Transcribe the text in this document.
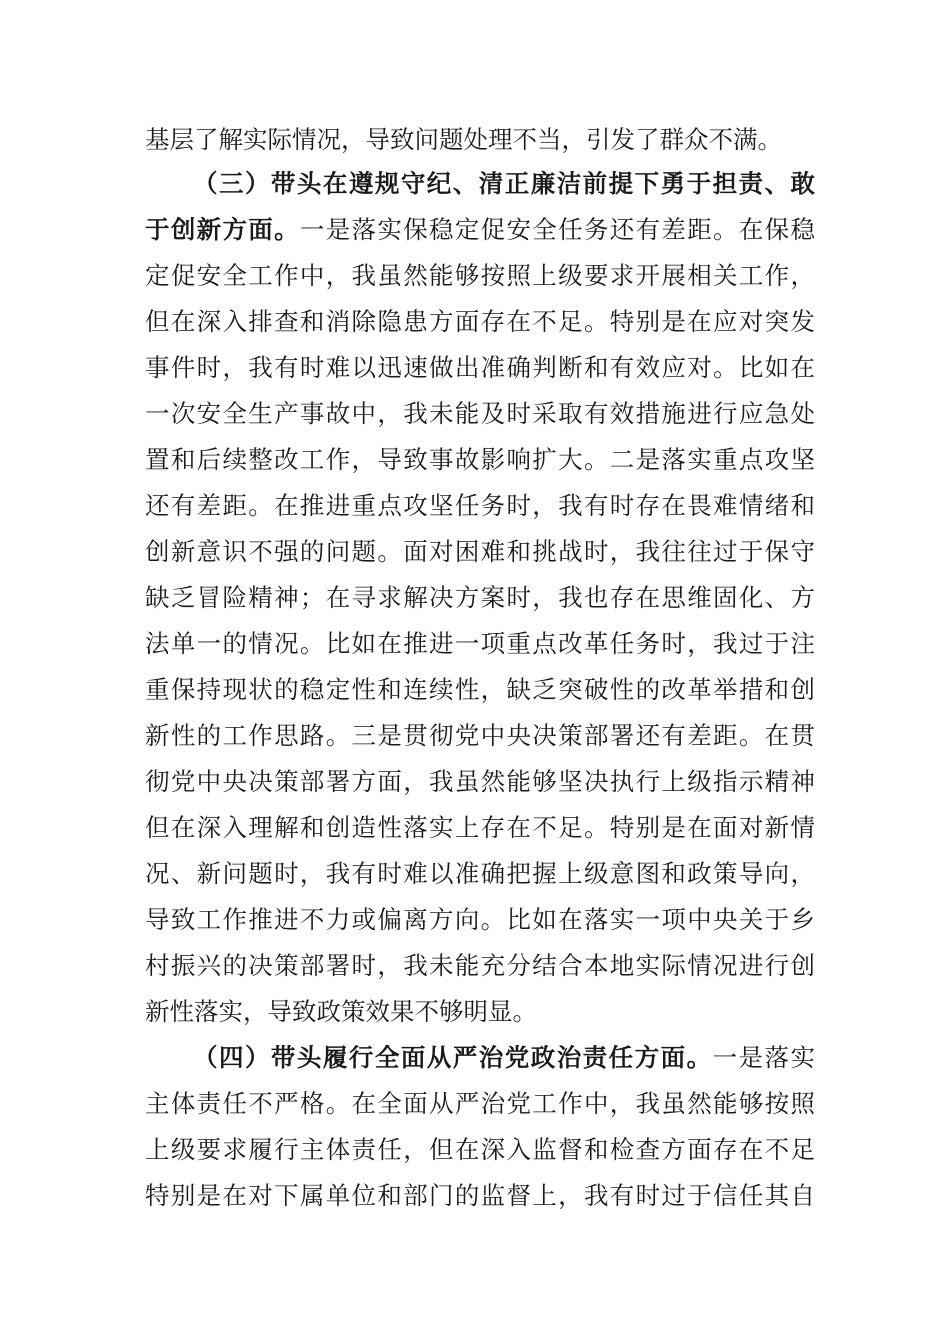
基层了解实际情况，导致问题处理不当，引发了群众不满。
（三）带头在遵规守纪、清正廉洁前提下勇于担责、敢
于创新方面。一是落实保稳定促安全任务还有差距。在保稳
定促安全工作中，我虽然能够按照上级要求开展相关工作，
但在深入排查和消除隐患方面存在不足。特别是在应对突发
事件时，我有时难以迅速做出准确判断和有效应对。比如在
一次安全生产事故中，我未能及时采取有效措施进行应急处
置和后续整改工作，导致事故影响扩大。二是落实重点攻坚
还有差距。在推进重点攻坚任务时，我有时存在畏难情绪和
创新意识不强的问题。面对困难和挑战时，我往往过于保守
缺乏冒险精神；在寻求解决方案时，我也存在思维固化、方
法单一的情况。比如在推进一项重点改革任务时，我过于注
重保持现状的稳定性和连续性，缺乏突破性的改革举措和创
新性的工作思路。三是贯彻党中央决策部署还有差距。在贯
彻党中央决策部署方面，我虽然能够坚决执行上级指示精神
但在深入理解和创造性落实上存在不足。特别是在面对新情
况、新问题时，我有时难以准确把握上级意图和政策导向，
导致工作推进不力或偏离方向。比如在落实一项中央关于乡
村振兴的决策部署时，我未能充分结合本地实际情况进行创
新性落实，导致政策效果不够明显。
（四）带头履行全面从严治党政治责任方面。一是落实
主体责任不严格。在全面从严治党工作中，我虽然能够按照
上级要求履行主体责任，但在深入监督和检查方面存在不足
特别是在对下属单位和部门的监督上，我有时过于信任其自
